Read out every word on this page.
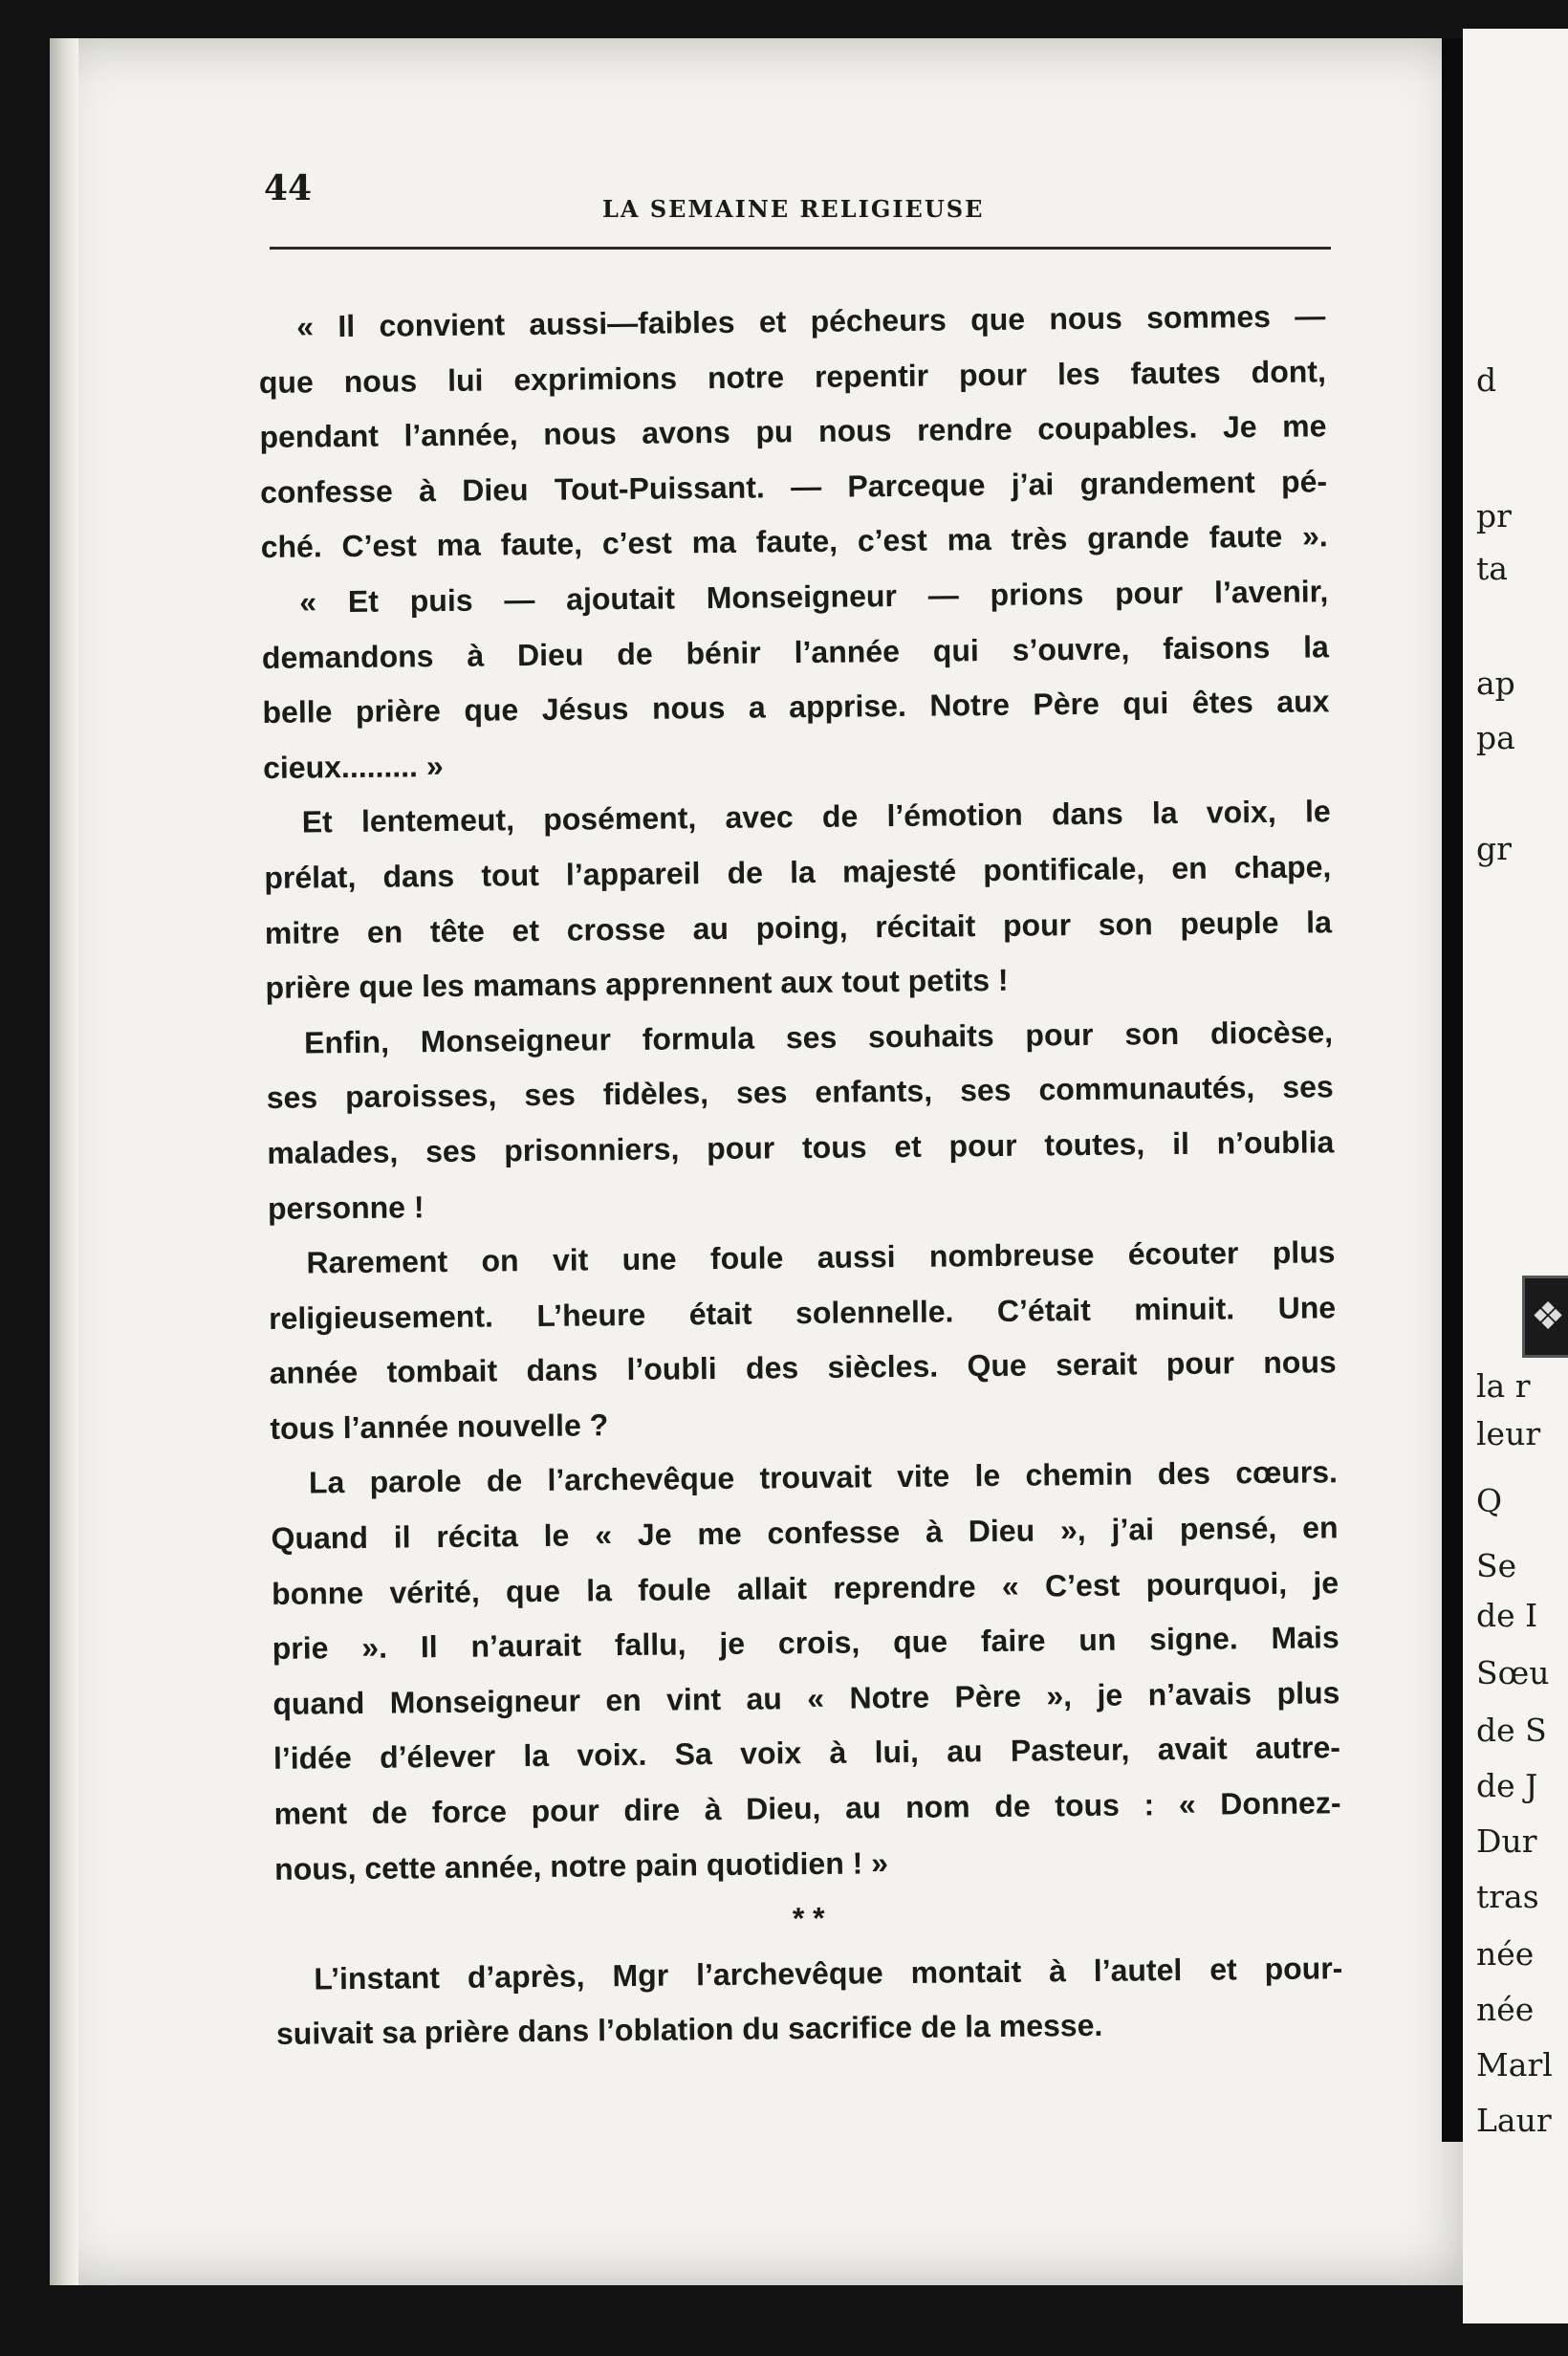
d
pr
ta
ap
pa
gr
la r
leur
Q
Se
de I
Sœu
de S
de J
Dur
tras
née
née
Marl
Laur
❖
44
LA SEMAINE RELIGIEUSE
« Il convient aussi—faibles et pécheurs que nous sommes —
que nous lui exprimions notre repentir pour les fautes dont,
pendant l’année, nous avons pu nous rendre coupables. Je me
confesse à Dieu Tout-Puissant. — Parceque j’ai grandement pé-
ché. C’est ma faute, c’est ma faute, c’est ma très grande faute ».
« Et puis — ajoutait Monseigneur — prions pour l’avenir,
demandons à Dieu de bénir l’année qui s’ouvre, faisons la
belle prière que Jésus nous a apprise. Notre Père qui êtes aux
cieux......... »
Et lentemeut, posément, avec de l’émotion dans la voix, le
prélat, dans tout l’appareil de la majesté pontificale, en chape,
mitre en tête et crosse au poing, récitait pour son peuple la
prière que les mamans apprennent aux tout petits !
Enfin, Monseigneur formula ses souhaits pour son diocèse,
ses paroisses, ses fidèles, ses enfants, ses communautés, ses
malades, ses prisonniers, pour tous et pour toutes, il n’oublia
personne !
Rarement on vit une foule aussi nombreuse écouter plus
religieusement. L’heure était solennelle. C’était minuit. Une
année tombait dans l’oubli des siècles. Que serait pour nous
tous l’année nouvelle ?
La parole de l’archevêque trouvait vite le chemin des cœurs.
Quand il récita le « Je me confesse à Dieu », j’ai pensé, en
bonne vérité, que la foule allait reprendre « C’est pourquoi, je
prie ». Il n’aurait fallu, je crois, que faire un signe. Mais
quand Monseigneur en vint au « Notre Père », je n’avais plus
l’idée d’élever la voix. Sa voix à lui, au Pasteur, avait autre-
ment de force pour dire à Dieu, au nom de tous : « Donnez-
nous, cette année, notre pain quotidien ! »
* *
L’instant d’après, Mgr l’archevêque montait à l’autel et pour-
suivait sa prière dans l’oblation du sacrifice de la messe.
